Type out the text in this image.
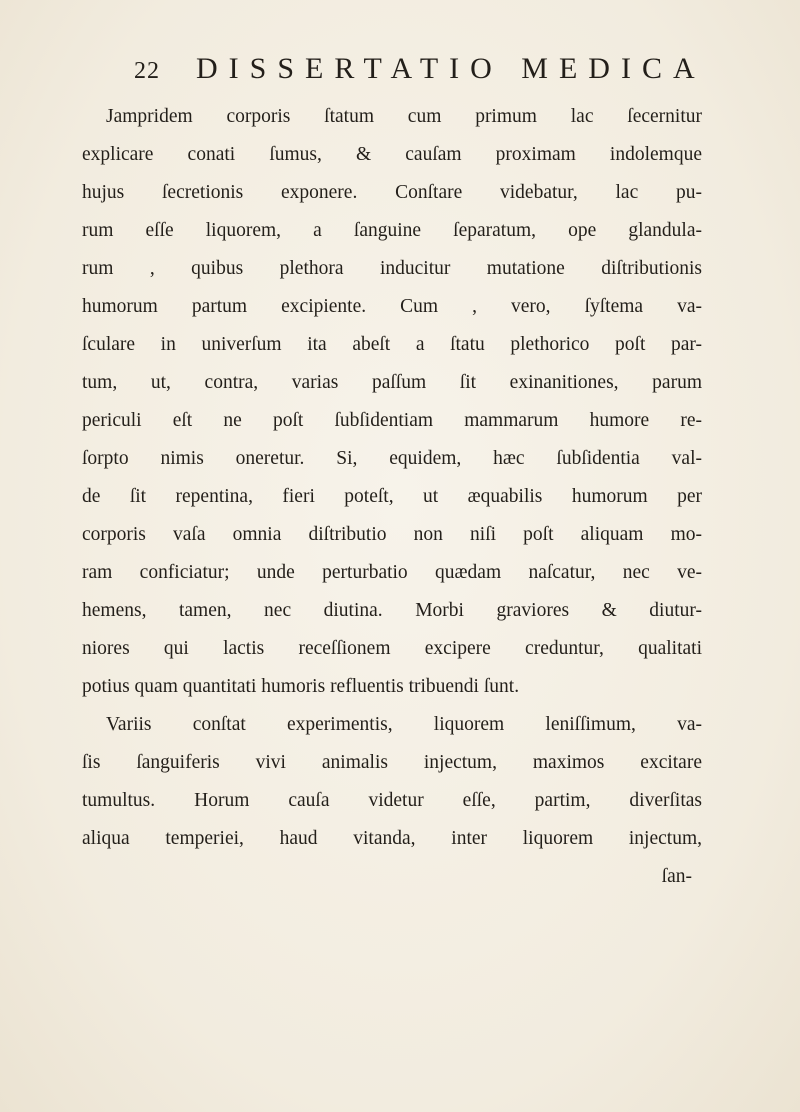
22 DISSERTATIO MEDICA
Jampridem corporis ſtatum cum primum lac ſecernitur
explicare conati ſumus, & cauſam proximam indolemque
hujus ſecretionis exponere. Conſtare videbatur, lac pu-
rum eſſe liquorem, a ſanguine ſeparatum, ope glandula-
rum , quibus plethora inducitur mutatione diſtributionis
humorum partum excipiente. Cum , vero, ſyſtema va-
ſculare in univerſum ita abeſt a ſtatu plethorico poſt par-
tum, ut, contra, varias paſſum ſit exinanitiones, parum
periculi eſt ne poſt ſubſidentiam mammarum humore re-
ſorpto nimis oneretur. Si, equidem, hæc ſubſidentia val-
de ſit repentina, fieri poteſt, ut æquabilis humorum per
corporis vaſa omnia diſtributio non niſi poſt aliquam mo-
ram conficiatur; unde perturbatio quædam naſcatur, nec ve-
hemens, tamen, nec diutina. Morbi graviores & diutur-
niores qui lactis receſſionem excipere creduntur, qualitati
potius quam quantitati humoris refluentis tribuendi ſunt.
Variis conſtat experimentis, liquorem leniſſimum, va-
ſis ſanguiferis vivi animalis injectum, maximos excitare
tumultus. Horum cauſa videtur eſſe, partim, diverſitas
aliqua temperiei, haud vitanda, inter liquorem injectum,
ſan-
